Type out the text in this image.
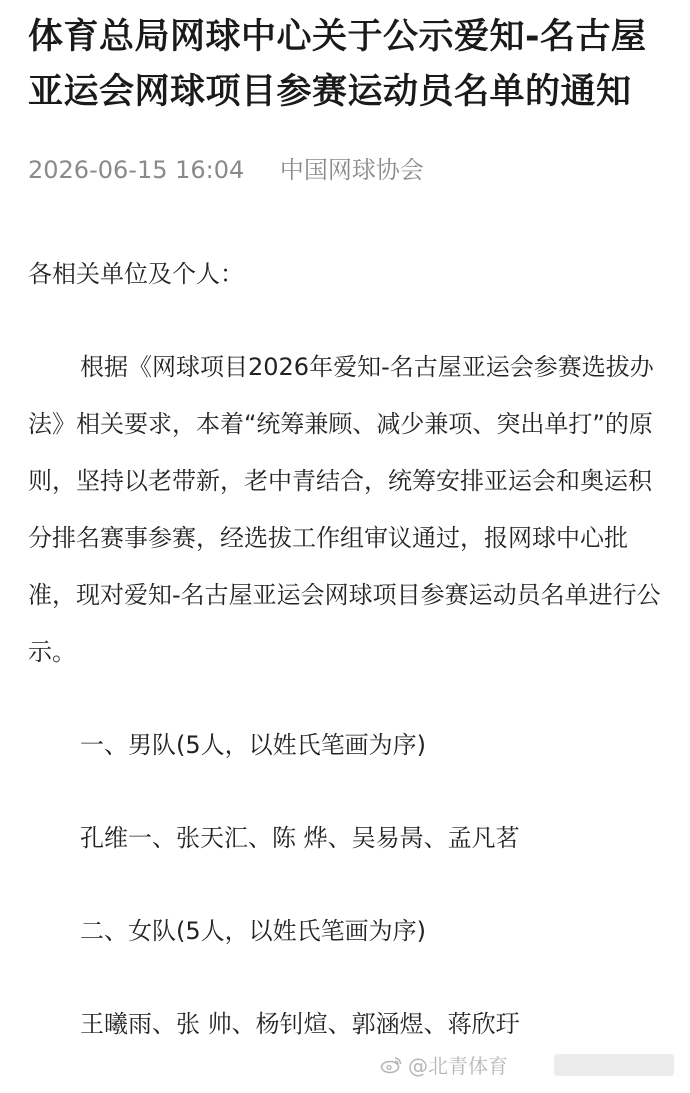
体育总局网球中心关于公示爱知-名古屋亚运会网球项目参赛运动员名单的通知
2026-06-15 16:04 中国网球协会

各相关单位及个人：

根据《网球项目2026年爱知-名古屋亚运会参赛选拔办法》相关要求，本着“统筹兼顾、减少兼项、突出单打”的原则，坚持以老带新，老中青结合，统筹安排亚运会和奥运积分排名赛事参赛，经选拔工作组审议通过，报网球中心批准，现对爱知-名古屋亚运会网球项目参赛运动员名单进行公示。

一、男队(5人，以姓氏笔画为序)

孔维一、张天汇、陈 烨、吴易昺、孟凡茗

二、女队(5人，以姓氏笔画为序)

王曦雨、张 帅、杨钊煊、郭涵煜、蒋欣玗

@北青体育
